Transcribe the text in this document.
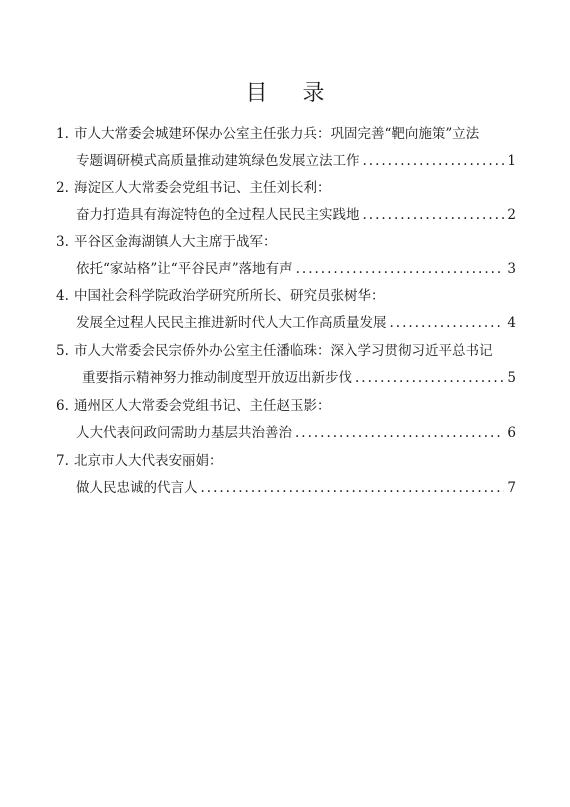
目 录
1. 市人大常委会城建环保办公室主任张力兵：巩固完善“靶向施策”立法
专题调研模式高质量推动建筑绿色发展立法工作 .....	1
2. 海淀区人大常委会党组书记、主任刘长利：
奋力打造具有海淀特色的全过程人民民主实践地 .....	2
3. 平谷区金海湖镇人大主席于战军：
依托“家站格”让“平谷民声”落地有声 .....	3
4. 中国社会科学院政治学研究所所长、研究员张树华：
发展全过程人民民主推进新时代人大工作高质量发展 .....	4
5. 市人大常委会民宗侨外办公室主任潘临珠：深入学习贯彻习近平总书记
重要指示精神努力推动制度型开放迈出新步伐 .....	5
6. 通州区人大常委会党组书记、主任赵玉影：
人大代表问政问需助力基层共治善治 .....	6
7. 北京市人大代表安丽娟：
做人民忠诚的代言人 .....	7
